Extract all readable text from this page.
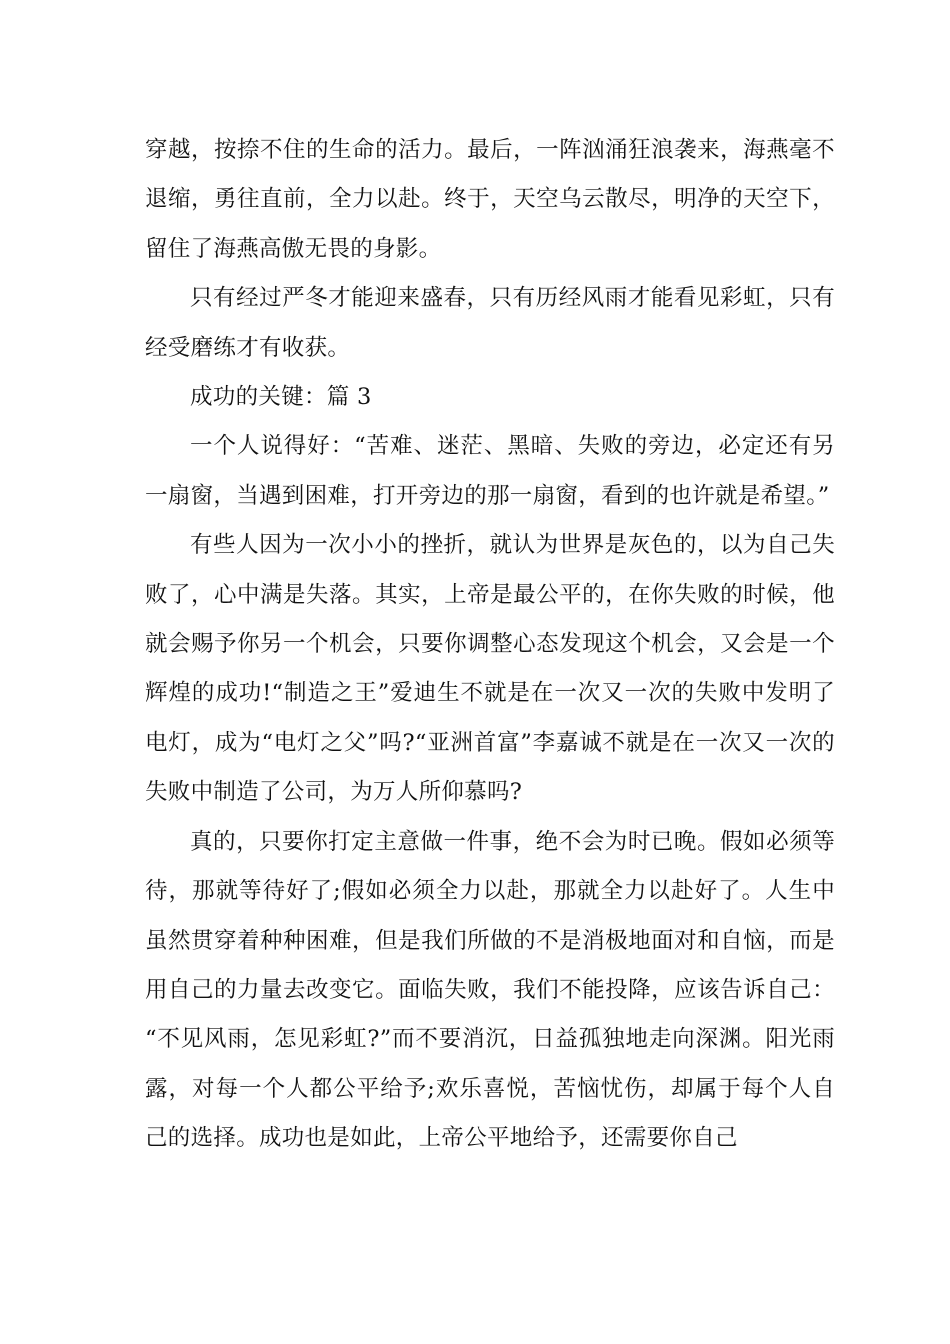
穿越，按捺不住的生命的活力。最后，一阵汹涌狂浪袭来，海燕毫不退缩，勇往直前，全力以赴。终于，天空乌云散尽，明净的天空下，留住了海燕高傲无畏的身影。

只有经过严冬才能迎来盛春，只有历经风雨才能看见彩虹，只有经受磨练才有收获。

成功的关键：篇 3

一个人说得好：“苦难、迷茫、黑暗、失败的旁边，必定还有另一扇窗，当遇到困难，打开旁边的那一扇窗，看到的也许就是希望。”

有些人因为一次小小的挫折，就认为世界是灰色的，以为自己失败了，心中满是失落。其实，上帝是最公平的，在你失败的时候，他就会赐予你另一个机会，只要你调整心态发现这个机会，又会是一个辉煌的成功!“制造之王”爱迪生不就是在一次又一次的失败中发明了电灯，成为“电灯之父”吗?“亚洲首富”李嘉诚不就是在一次又一次的失败中制造了公司，为万人所仰慕吗?

真的，只要你打定主意做一件事，绝不会为时已晚。假如必须等待，那就等待好了;假如必须全力以赴，那就全力以赴好了。人生中虽然贯穿着种种困难，但是我们所做的不是消极地面对和自恼，而是用自己的力量去改变它。面临失败，我们不能投降，应该告诉自己：“不见风雨，怎见彩虹?”而不要消沉，日益孤独地走向深渊。阳光雨露，对每一个人都公平给予;欢乐喜悦，苦恼忧伤，却属于每个人自己的选择。成功也是如此，上帝公平地给予，还需要你自己
